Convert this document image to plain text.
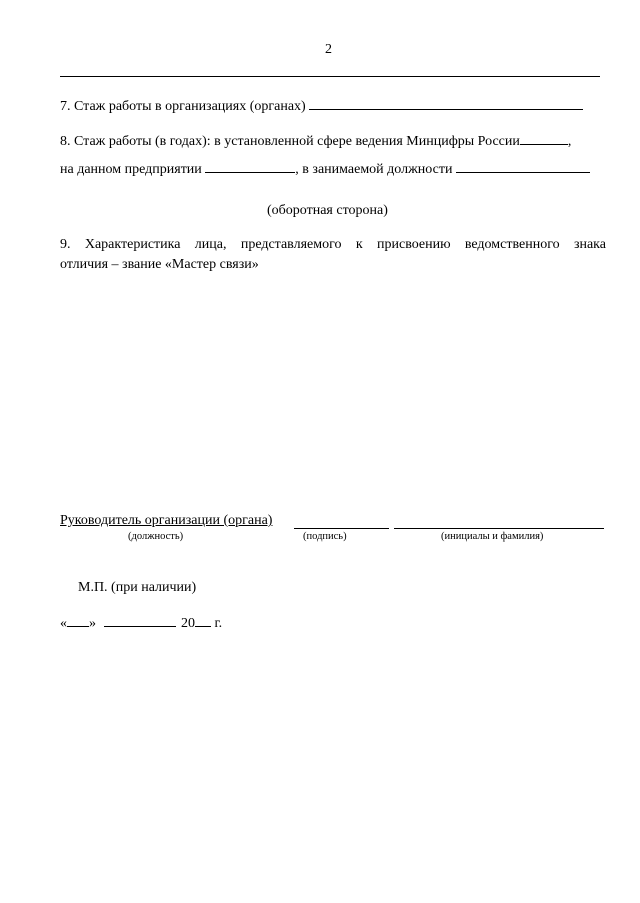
2
7. Стаж работы в организациях (органах)
8. Стаж работы (в годах): в установленной сфере ведения Минцифры России	,
на данном предприятии	, в занимаемой должности
(оборотная сторона)
9. Характеристика лица, представляемого к присвоению ведомственного знака
отличия – звание «Мастер связи»
Руководитель организации (органа)
(должность)	(подпись)	(инициалы и фамилия)
М.П. (при наличии)
« »	20 г.
